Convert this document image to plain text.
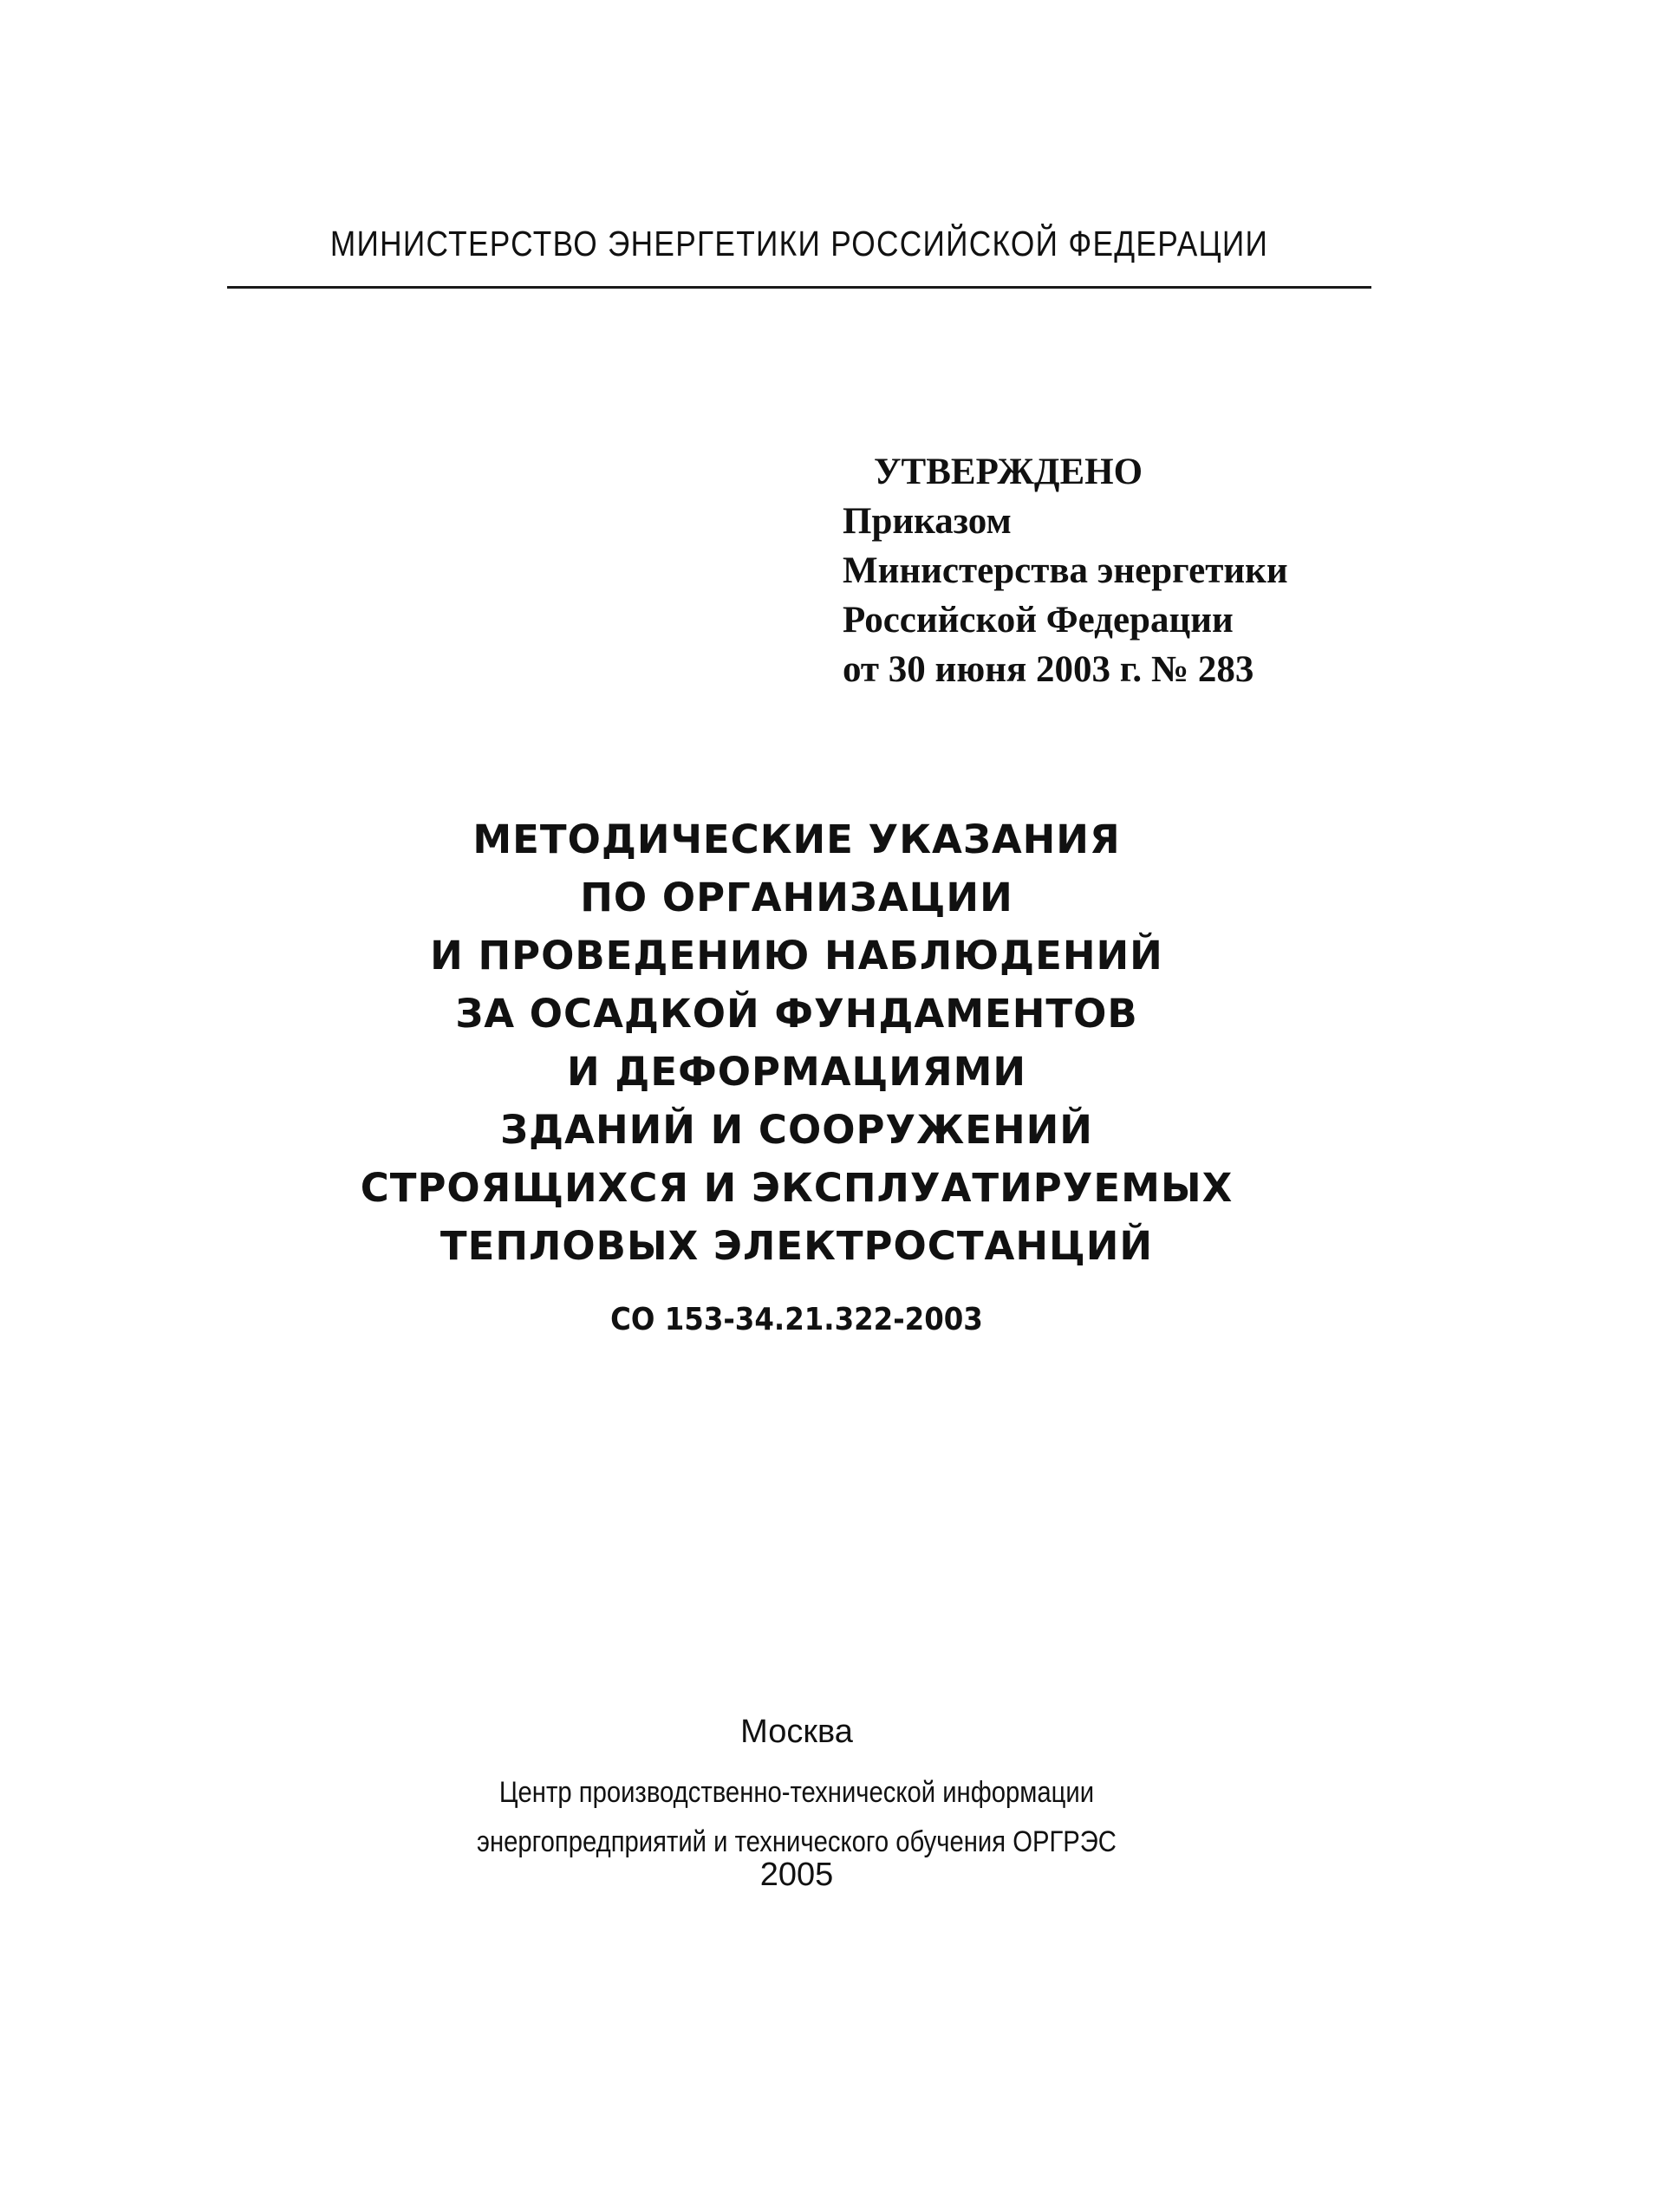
МИНИСТЕРСТВО ЭНЕРГЕТИКИ РОССИЙСКОЙ ФЕДЕРАЦИИ
УТВЕРЖДЕНО
Приказом
Министерства энергетики
Российской Федерации
от 30 июня 2003 г. № 283
МЕТОДИЧЕСКИЕ УКАЗАНИЯ
ПО ОРГАНИЗАЦИИ
И ПРОВЕДЕНИЮ НАБЛЮДЕНИЙ
ЗА ОСАДКОЙ ФУНДАМЕНТОВ
И ДЕФОРМАЦИЯМИ
ЗДАНИЙ И СООРУЖЕНИЙ
СТРОЯЩИХСЯ И ЭКСПЛУАТИРУЕМЫХ
ТЕПЛОВЫХ ЭЛЕКТРОСТАНЦИЙ
СО 153-34.21.322-2003
Москва
Центр производственно-технической информации
энергопредприятий и технического обучения ОРГРЭС
2005
